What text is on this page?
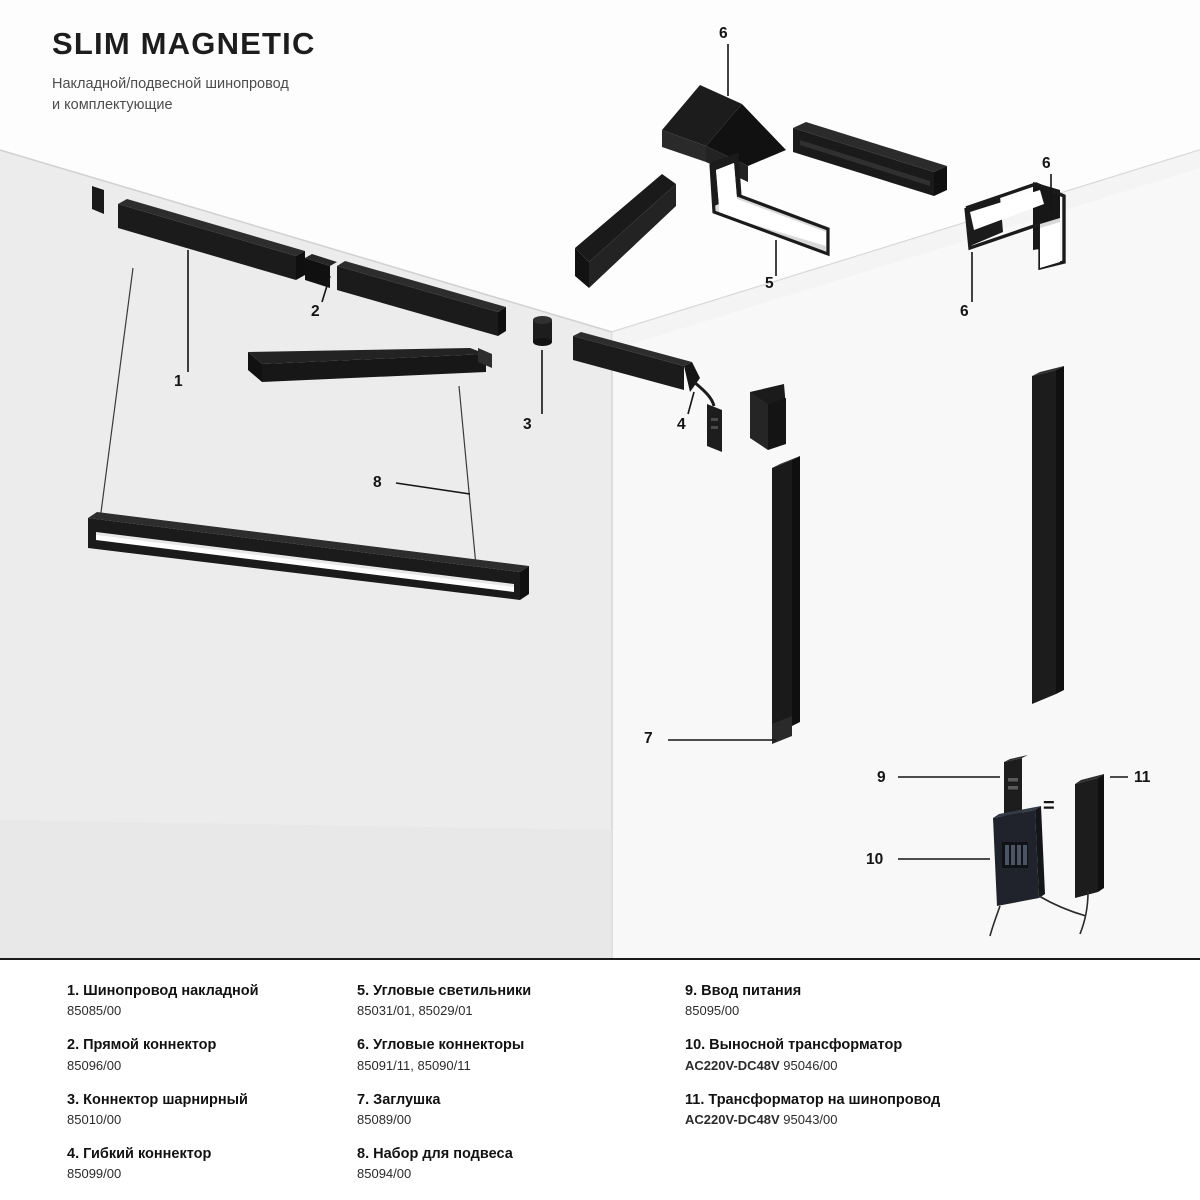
SLIM MAGNETIC
Накладной/подвесной шинопровод
и комплектующие
1
2
3	4
5
6
6
6
7
8
9
10
11
=

1. Шинопровод накладной

85085/00

2. Прямой коннектор

85096/00

3. Коннектор шарнирный

85010/00

4. Гибкий коннектор

85099/00

5. Угловые светильники

85031/01, 85029/01

6. Угловые коннекторы

85091/11, 85090/11

7. Заглушка

85089/00

8. Набор для подвеса

85094/00

9. Ввод питания

85095/00

10. Выносной трансформатор

AC220V-DC48V 95046/00

11. Трансформатор на шинопровод

AC220V-DC48V 95043/00
